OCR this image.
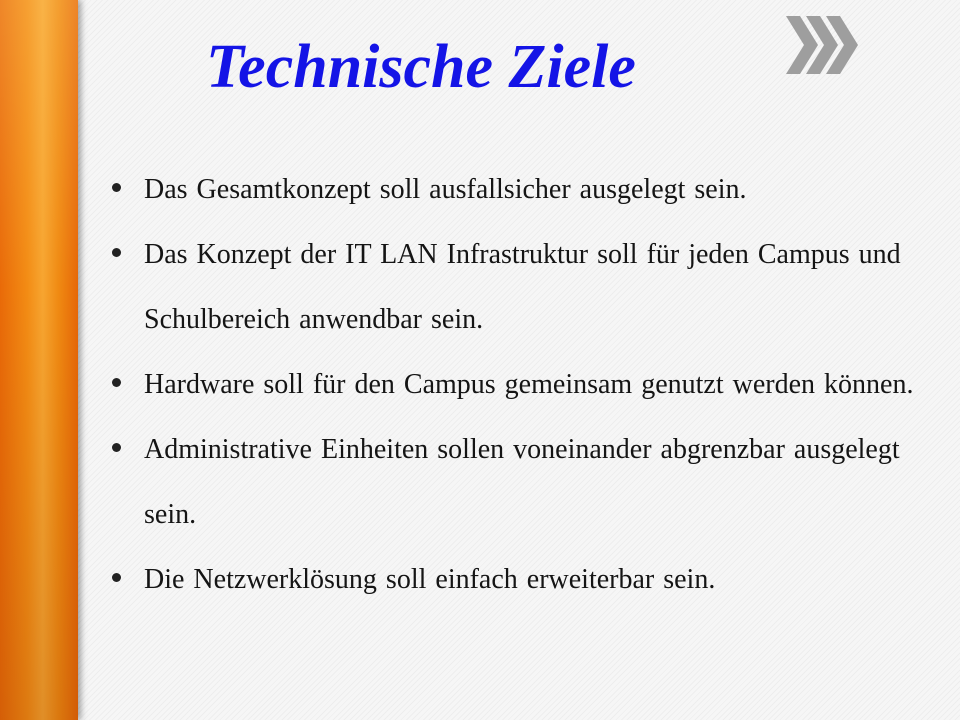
Technische Ziele
Das Gesamtkonzept soll ausfallsicher ausgelegt sein.
Das Konzept der IT LAN Infrastruktur soll für jeden Campus und Schulbereich anwendbar sein.
Hardware soll für den Campus gemeinsam genutzt werden können.
Administrative Einheiten sollen voneinander abgrenzbar ausgelegt sein.
Die Netzwerklösung soll einfach erweiterbar sein.
